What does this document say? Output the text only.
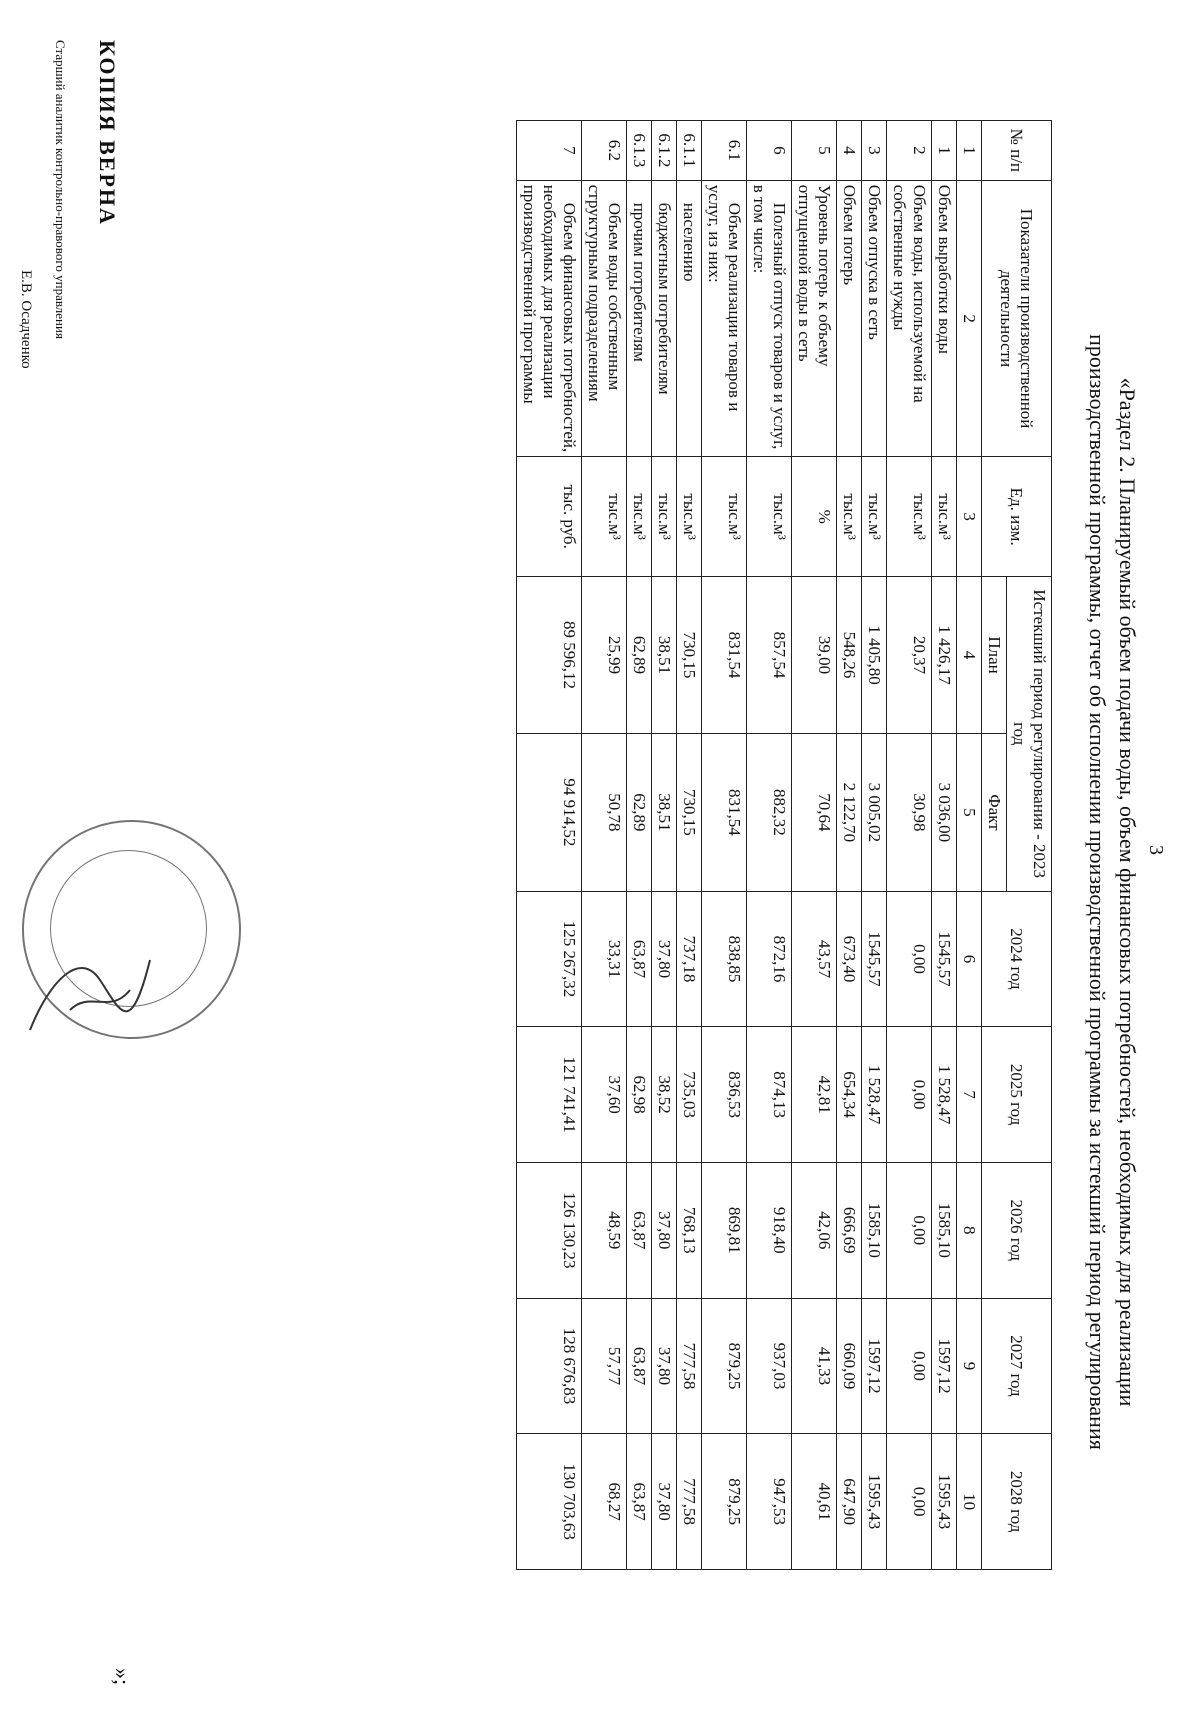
3
«Раздел 2. Планируемый объем подачи воды, объем финансовых потребностей, необходимых для реализации
производственной программы, отчет об исполнении производственной программы за истекший период регулирования
№ п/п	Показатели производственной деятельности	Ед. изм.	Истекший период регулирования - 2023 год		2024 год	2025 год	2026 год	2027 год	2028 год
			План	Факт					
1	2	3	4	5	6	7	8	9	10
1	Объем выработки воды	тыс.м³	1 426,17	3 036,00	1545,57	1 528,47	1585,10	1597,12	1595,43
2	Объем воды, используемой на собственные нужды	тыс.м³	20,37	30,98	0,00	0,00	0,00	0,00	0,00
3	Объем отпуска в сеть	тыс.м³	1 405,80	3 005,02	1545,57	1 528,47	1585,10	1597,12	1595,43
4	Объем потерь	тыс.м³	548,26	2 122,70	673,40	654,34	666,69	660,09	647,90
5	Уровень потерь к объему отпущенной воды в сеть	%	39,00	70,64	43,57	42,81	42,06	41,33	40,61
6	Полезный отпуск товаров и услуг, в том числе:	тыс.м³	857,54	882,32	872,16	874,13	918,40	937,03	947,53
6.1	Объем реализации товаров и услуг, из них:	тыс.м³	831,54	831,54	838,85	836,53	869,81	879,25	879,25
6.1.1	населению	тыс.м³	730,15	730,15	737,18	735,03	768,13	777,58	777,58
6.1.2	бюджетным потребителям	тыс.м³	38,51	38,51	37,80	38,52	37,80	37,80	37,80
6.1.3	прочим потребителям	тыс.м³	62,89	62,89	63,87	62,98	63,87	63,87	63,87
6.2	Объем воды собственным структурным подразделениям	тыс.м³	25,99	50,78	33,31	37,60	48,59	57,77	68,27
7	Объем финансовых потребностей, необходимых для реализации производственной программы	тыс. руб.	89 596,12	94 914,52	125 267,32	121 741,41	126 130,23	128 676,83	130 703,63
»;
КОПИЯ ВЕРНА
Старший аналитик контрольно-правового управления
Е.В. Осадченко
